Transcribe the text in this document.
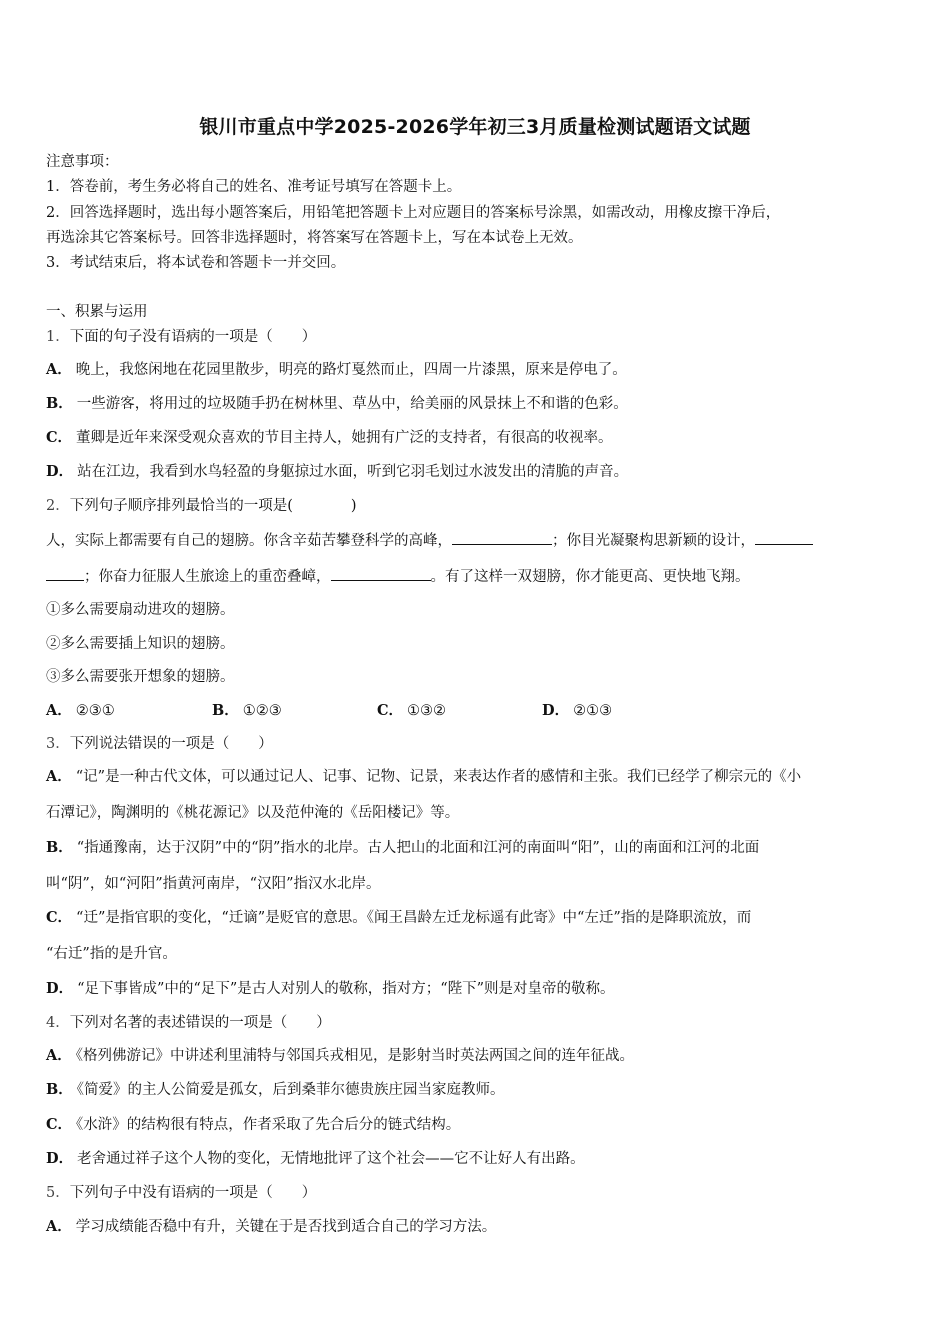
银川市重点中学2025-2026学年初三3月质量检测试题语文试题
注意事项：
1．答卷前，考生务必将自己的姓名、准考证号填写在答题卡上。
2．回答选择题时，选出每小题答案后，用铅笔把答题卡上对应题目的答案标号涂黑，如需改动，用橡皮擦干净后，
再选涂其它答案标号。回答非选择题时，将答案写在答题卡上，写在本试卷上无效。
3．考试结束后，将本试卷和答题卡一并交回。
一、积累与运用
1．下面的句子没有语病的一项是（　　）
A． 晚上，我悠闲地在花园里散步，明亮的路灯戛然而止，四周一片漆黑，原来是停电了。
B． 一些游客，将用过的垃圾随手扔在树林里、草丛中，给美丽的风景抹上不和谐的色彩。
C． 董卿是近年来深受观众喜欢的节目主持人，她拥有广泛的支持者，有很高的收视率。
D． 站在江边，我看到水鸟轻盈的身躯掠过水面，听到它羽毛划过水波发出的清脆的声音。
2．下列句子顺序排列最恰当的一项是(　　　　)
人，实际上都需要有自己的翅膀。你含辛茹苦攀登科学的高峰，	；你目光凝聚构思新颖的设计，
；你奋力征服人生旅途上的重峦叠嶂，	。有了这样一双翅膀，你才能更高、更快地飞翔。
①多么需要扇动进攻的翅膀。
②多么需要插上知识的翅膀。
③多么需要张开想象的翅膀。
A． ②③①	B． ①②③	C． ①③②	D． ②①③
3．下列说法错误的一项是（　　）
A． “记”是一种古代文体，可以通过记人、记事、记物、记景，来表达作者的感情和主张。我们已经学了柳宗元的《小
石潭记》，陶渊明的《桃花源记》以及范仲淹的《岳阳楼记》等。
B． “指通豫南，达于汉阴”中的“阴”指水的北岸。古人把山的北面和江河的南面叫“阳”，山的南面和江河的北面
叫“阴”，如“河阳”指黄河南岸，“汉阳”指汉水北岸。
C． “迁”是指官职的变化，“迁谪”是贬官的意思。《闻王昌龄左迁龙标遥有此寄》中“左迁”指的是降职流放，而
“右迁”指的是升官。
D． “足下事皆成”中的“足下”是古人对别人的敬称，指对方；“陛下”则是对皇帝的敬称。
4．下列对名著的表述错误的一项是（　　）
A． 《格列佛游记》中讲述利里浦特与邻国兵戎相见，是影射当时英法两国之间的连年征战。
B． 《简爱》的主人公简爱是孤女，后到桑菲尔德贵族庄园当家庭教师。
C． 《水浒》的结构很有特点，作者采取了先合后分的链式结构。
D． 老舍通过祥子这个人物的变化，无情地批评了这个社会——它不让好人有出路。
5．下列句子中没有语病的一项是（　　）
A． 学习成绩能否稳中有升，关键在于是否找到适合自己的学习方法。
